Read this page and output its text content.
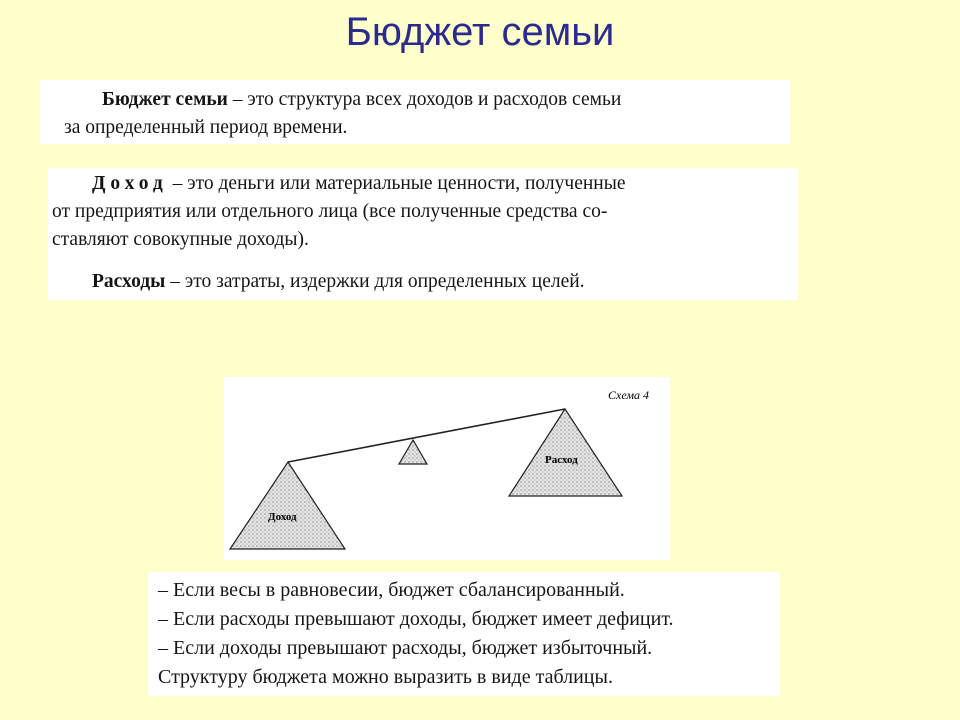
Бюджет семьи
Бюджет семьи – это структура всех доходов и расходов семьи
за определенный период времени.
Доход – это деньги или материальные ценности, полученные
от предприятия или отдельного лица (все полученные средства со-
ставляют совокупные доходы).
Расходы – это затраты, издержки для определенных целей.
Схема 4
Доход
Расход
– Если весы в равновесии, бюджет сбалансированный.
– Если расходы превышают доходы, бюджет имеет дефицит.
– Если доходы превышают расходы, бюджет избыточный.
Структуру бюджета можно выразить в виде таблицы.
